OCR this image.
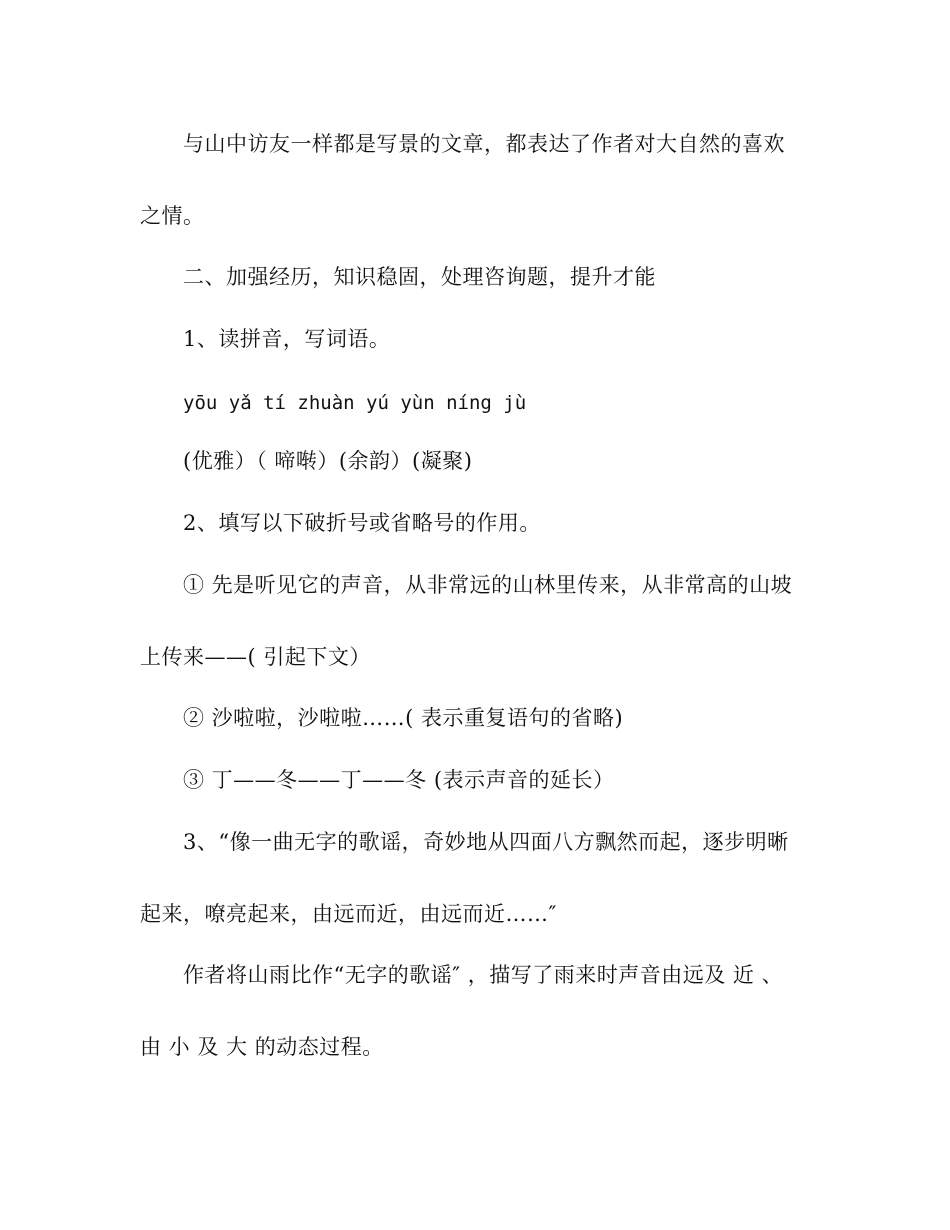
与山中访友一样都是写景的文章，都表达了作者对大自然的喜欢
之情。
二、加强经历，知识稳固，处理咨询题，提升才能
1、读拼音，写词语。
yōu yǎ tí zhuàn yú yùn níng jù
(优雅）（ 啼啭）(余韵）(凝聚)
2、填写以下破折号或省略号的作用。
① 先是听见它的声音，从非常远的山林里传来，从非常高的山坡
上传来——( 引起下文）
② 沙啦啦，沙啦啦……( 表示重复语句的省略)
③ 丁——冬——丁——冬 (表示声音的延长）
3、“像一曲无字的歌谣，奇妙地从四面八方飘然而起，逐步明晰
起来，嘹亮起来，由远而近，由远而近……″
作者将山雨比作“无字的歌谣″ ，描写了雨来时声音由远及 近 、
由 小 及 大 的动态过程。
